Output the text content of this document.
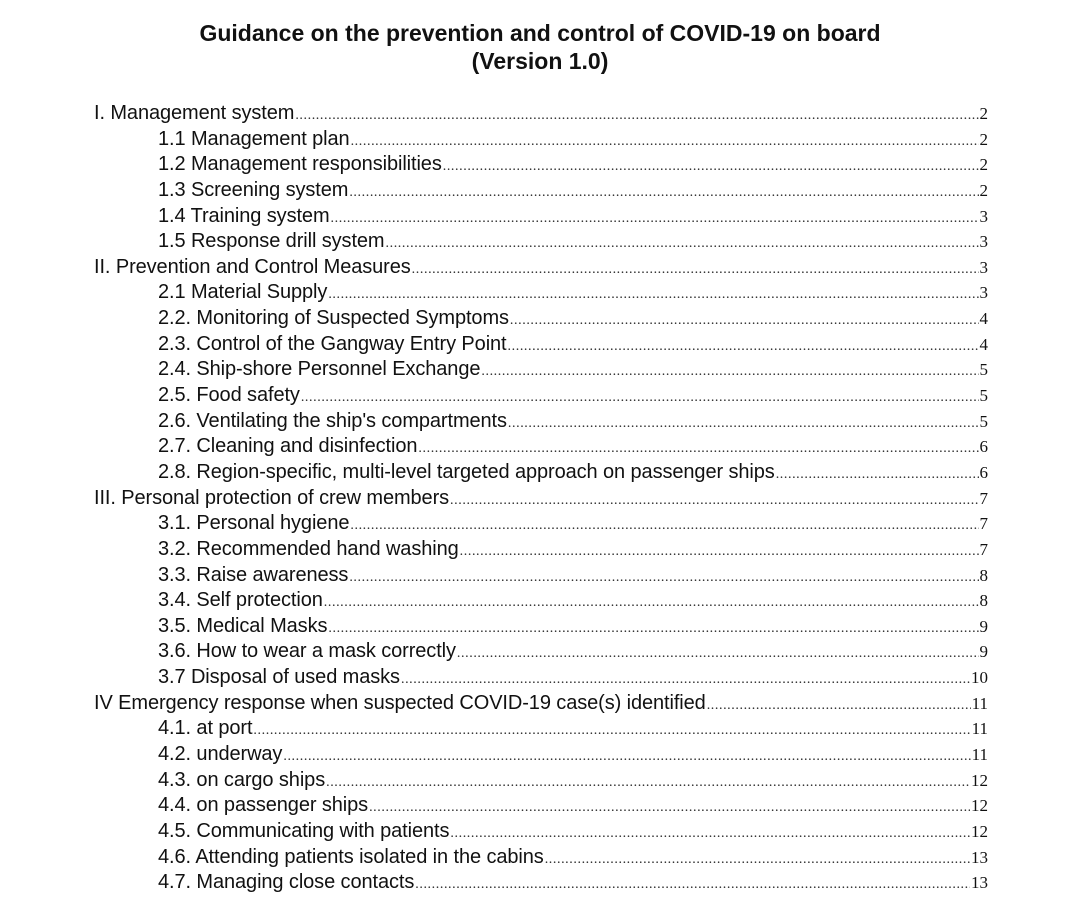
Guidance on the prevention and control of COVID-19 on board
(Version 1.0)
I. Management system .....	2
1.1 Management plan .....	2
1.2 Management responsibilities .....	2
1.3 Screening system .....	2
1.4 Training system .....	3
1.5 Response drill system .....	3
II. Prevention and Control Measures .....	3
2.1 Material Supply .....	3
2.2. Monitoring of Suspected Symptoms .....	4
2.3. Control of the Gangway Entry Point .....	4
2.4. Ship-shore Personnel Exchange .....	5
2.5. Food safety .....	5
2.6. Ventilating the ship's compartments .....	5
2.7. Cleaning and disinfection .....	6
2.8. Region-specific, multi-level targeted approach on passenger ships .....	6
III. Personal protection of crew members .....	7
3.1. Personal hygiene .....	7
3.2. Recommended hand washing .....	7
3.3. Raise awareness .....	8
3.4. Self protection .....	8
3.5. Medical Masks .....	9
3.6. How to wear a mask correctly .....	9
3.7 Disposal of used masks .....	10
IV Emergency response when suspected COVID-19 case(s) identified .....	11
4.1. at port .....	11
4.2. underway .....	11
4.3. on cargo ships .....	12
4.4. on passenger ships .....	12
4.5. Communicating with patients .....	12
4.6. Attending patients isolated in the cabins .....	13
4.7. Managing close contacts .....	13
